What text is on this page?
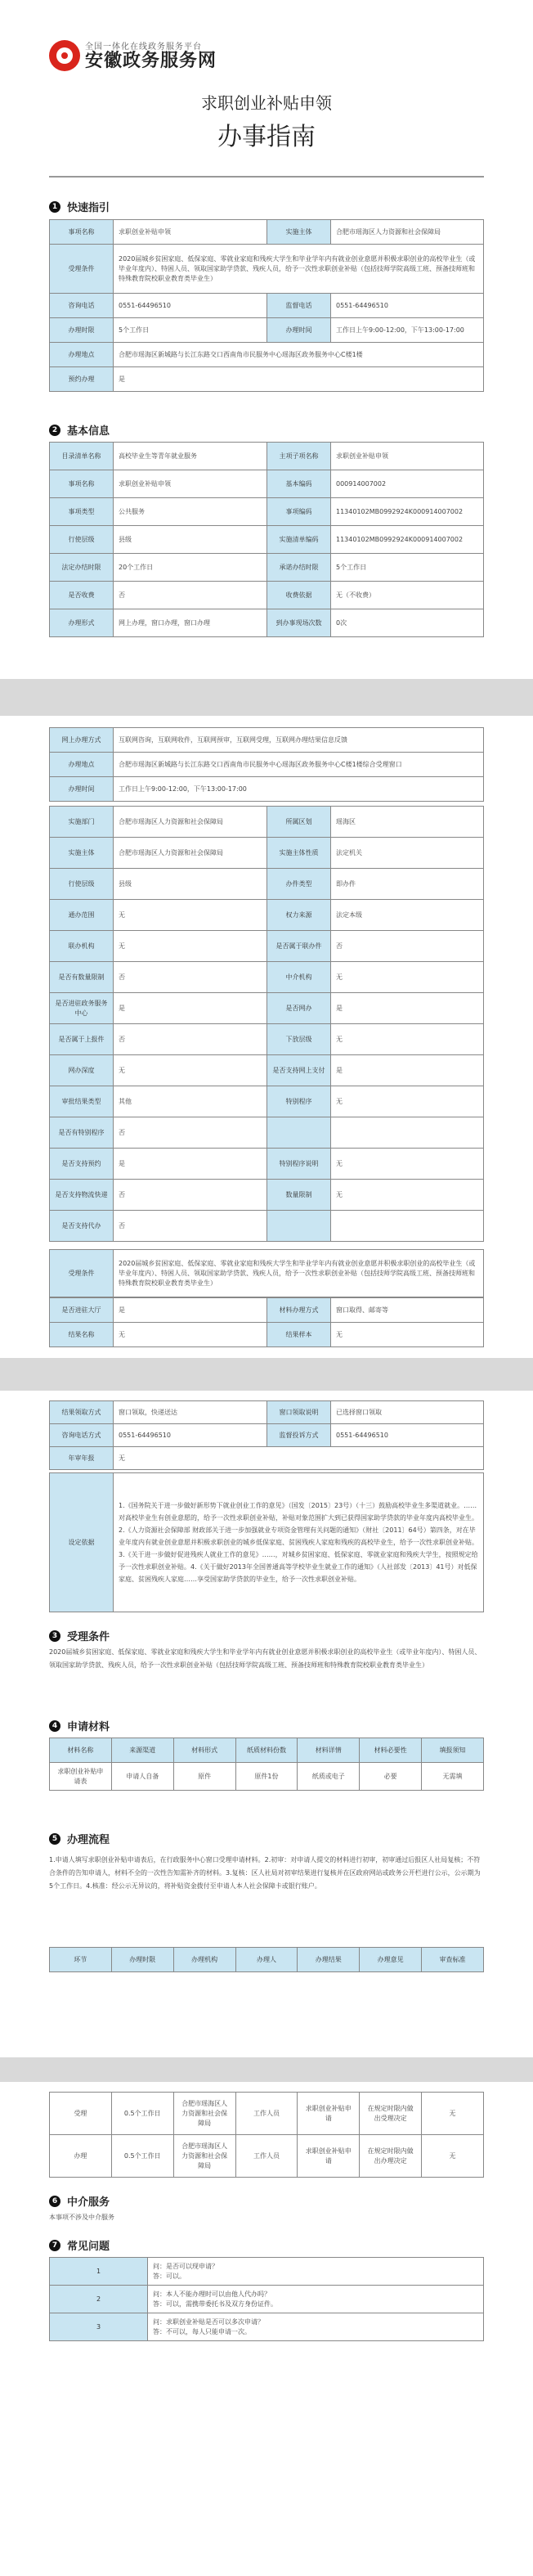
全国一体化在线政务服务平台
安徽政务服务网
求职创业补贴申领
办事指南
1 快速指引
事项名称	求职创业补贴申领	实施主体	合肥市瑶海区人力资源和社会保障局
受理条件	2020届城乡贫困家庭、低保家庭、零就业家庭和残疾大学生和毕业学年内有就业创业意愿并积极求职创业的高校毕业生（或毕业年度内）、特困人员、领取国家助学贷款、残疾人员，给予一次性求职创业补贴（包括技师学院高级工班、预备技师班和特殊教育院校职业教育类毕业生）		
咨询电话	0551-64496510	监督电话	0551-64496510
办理时限	5个工作日	办理时间	工作日上午9:00-12:00，下午13:00-17:00
办理地点	合肥市瑶海区新城路与长江东路交口西南角市民服务中心瑶海区政务服务中心C楼1楼		
预约办理	是		
2 基本信息
目录清单名称	高校毕业生等青年就业服务	主项子项名称	求职创业补贴申领
事项名称	求职创业补贴申领	基本编码	000914007002
事项类型	公共服务	事项编码	11340102MB0992924K000914007002
行使层级	县级	实施清单编码	11340102MB0992924K000914007002
法定办结时限	20个工作日	承诺办结时限	5个工作日
是否收费	否	收费依据	无（不收费）
办理形式	网上办理，窗口办理，窗口办理	到办事现场次数	0次
网上办理方式	互联网咨询，互联网收件，互联网预审，互联网受理，互联网办理结果信息反馈
办理地点	合肥市瑶海区新城路与长江东路交口西南角市民服务中心瑶海区政务服务中心C楼1楼综合受理窗口
办理时间	工作日上午9:00-12:00，下午13:00-17:00
实施部门	合肥市瑶海区人力资源和社会保障局	所属区划	瑶海区
实施主体	合肥市瑶海区人力资源和社会保障局	实施主体性质	法定机关
行使层级	县级	办件类型	即办件
通办范围	无	权力来源	法定本级
联办机构	无	是否属于联办件	否
是否有数量限制	否	中介机构	无
是否进驻政务服务中心	是	是否网办	是
是否属于上报件	否	下放层级	无
网办深度	无	是否支持网上支付	是
审批结果类型	其他	特别程序	无
是否有特别程序	否		
是否支持预约	是	特别程序说明	无
是否支持物流快递	否	数量限制	无
是否支持代办	否		
受理条件	2020届城乡贫困家庭、低保家庭、零就业家庭和残疾大学生和毕业学年内有就业创业意愿并积极求职创业的高校毕业生（或毕业年度内）、特困人员、领取国家助学贷款、残疾人员，给予一次性求职创业补贴（包括技师学院高级工班、预备技师班和特殊教育院校职业教育类毕业生）
是否进驻大厅	是	材料办理方式	窗口取得、邮寄等
结果名称	无	结果样本	无
结果领取方式	窗口领取，快递送达	窗口领取说明	已选择窗口领取
咨询电话方式	0551-64496510	监督投诉方式	0551-64496510
年审年报	无		
设定依据	1.《国务院关于进一步做好新形势下就业创业工作的意见》（国发〔2015〕23号）（十三）鼓励高校毕业生多渠道就业。……对高校毕业生有创业意愿的，给予一次性求职创业补贴，补贴对象范围扩大到已获得国家助学贷款的毕业年度内高校毕业生。2.《人力资源社会保障部 财政部关于进一步加强就业专项资金管理有关问题的通知》（财社〔2011〕64号）第四条，对在毕业年度内有就业创业意愿并积极求职创业的城乡低保家庭、贫困残疾人家庭和残疾的高校毕业生，给予一次性求职创业补贴。3.《关于进一步做好促进残疾人就业工作的意见》……，对城乡贫困家庭、低保家庭、零就业家庭和残疾大学生，按照规定给予一次性求职创业补贴。4.《关于做好2013年全国普通高等学校毕业生就业工作的通知》（人社部发〔2013〕41号）对低保家庭、贫困残疾人家庭……享受国家助学贷款的毕业生，给予一次性求职创业补贴。
3 受理条件
2020届城乡贫困家庭、低保家庭、零就业家庭和残疾大学生和毕业学年内有就业创业意愿并积极求职创业的高校毕业生（或毕业年度内）、特困人员、领取国家助学贷款、残疾人员，给予一次性求职创业补贴（包括技师学院高级工班、预备技师班和特殊教育院校职业教育类毕业生）
4 申请材料
材料名称	来源渠道	材料形式	纸质材料份数	材料详情	材料必要性	填报须知
求职创业补贴申请表	申请人自备	原件	原件1份	纸质或电子	必要	无需填
5 办理流程
1.申请人填写求职创业补贴申请表后，在行政服务中心窗口受理申请材料。2.初审：对申请人提交的材料进行初审，初审通过后报区人社局复核；不符合条件的告知申请人，材料不全的一次性告知需补齐的材料。3.复核：区人社局对初审结果进行复核并在区政府网站或政务公开栏进行公示，公示期为5个工作日。4.核准：经公示无异议的，将补贴资金拨付至申请人本人社会保障卡或银行账户。
环节	办理时限	办理机构	办理人	办理结果	办理意见	审查标准
受理	0.5个工作日	合肥市瑶海区人力资源和社会保障局	工作人员	求职创业补贴申请	在规定时限内做出受理决定	无
办理	0.5个工作日	合肥市瑶海区人力资源和社会保障局	工作人员	求职创业补贴申请	在规定时限内做出办理决定	无
6 中介服务
本事项不涉及中介服务
7 常见问题
1	问：是否可以现申请？
答：可以。

2	问：本人不能办理时可以由他人代办吗？
答：可以，需携带委托书及双方身份证件。

3	问：求职创业补贴是否可以多次申请？
答：不可以，每人只能申请一次。
